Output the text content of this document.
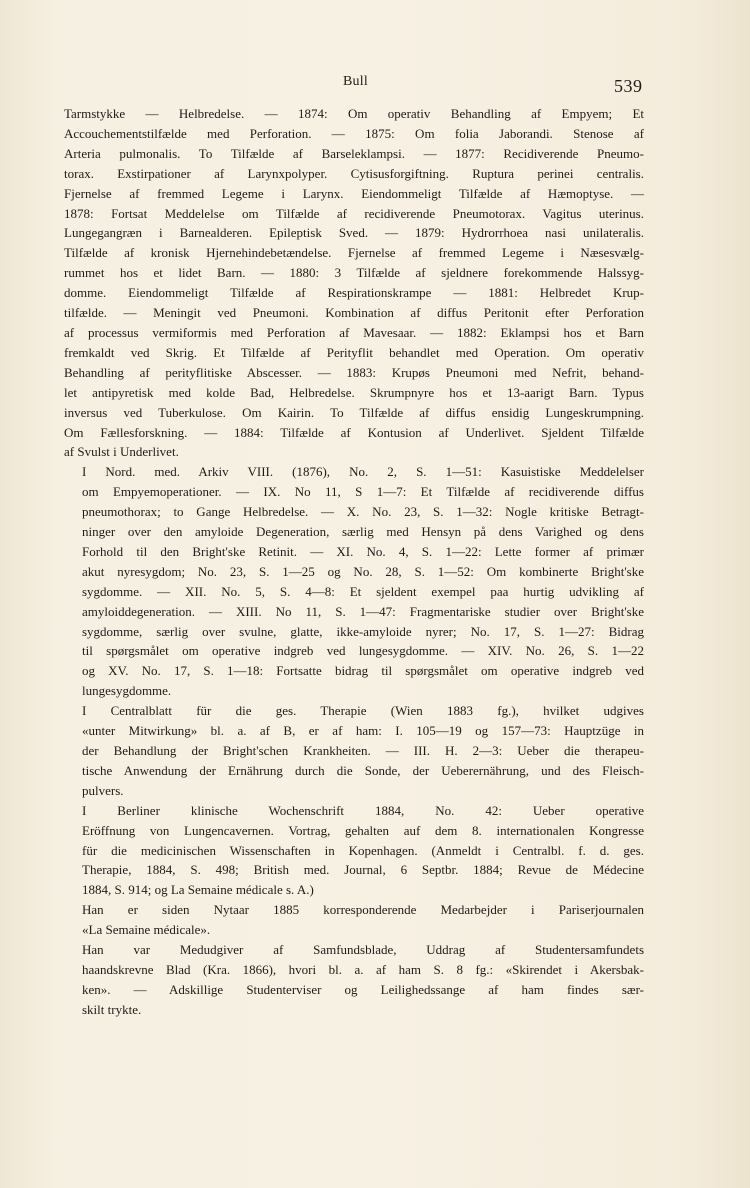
Bull	539

Tarmstykke — Helbredelse. — 1874: Om operativ Behandling af Empyem; Et
Accouchementstilfælde med Perforation. — 1875: Om folia Jaborandi. Stenose af
Arteria pulmonalis. To Tilfælde af Barseleklampsi. — 1877: Recidiverende Pneumo-
torax. Exstirpationer af Larynxpolyper. Cytisusforgiftning. Ruptura perinei centralis.
Fjernelse af fremmed Legeme i Larynx. Eiendommeligt Tilfælde af Hæmoptyse. —
1878: Fortsat Meddelelse om Tilfælde af recidiverende Pneumotorax. Vagitus uterinus.
Lungegangræn i Barnealderen. Epileptisk Sved. — 1879: Hydrorrhoea nasi unilateralis.
Tilfælde af kronisk Hjernehindebetændelse. Fjernelse af fremmed Legeme i Næsesvælg-
rummet hos et lidet Barn. — 1880: 3 Tilfælde af sjeldnere forekommende Halssyg-
domme. Eiendommeligt Tilfælde af Respirationskrampe — 1881: Helbredet Krup-
tilfælde. — Meningit ved Pneumoni. Kombination af diffus Peritonit efter Perforation
af processus vermiformis med Perforation af Mavesaar. — 1882: Eklampsi hos et Barn
fremkaldt ved Skrig. Et Tilfælde af Perityflit behandlet med Operation. Om operativ
Behandling af perityflitiske Abscesser. — 1883: Krupøs Pneumoni med Nefrit, behand-
let antipyretisk med kolde Bad, Helbredelse. Skrumpnyre hos et 13-aarigt Barn. Typus
inversus ved Tuberkulose. Om Kairin. To Tilfælde af diffus ensidig Lungeskrumpning.
Om Fællesforskning. — 1884: Tilfælde af Kontusion af Underlivet. Sjeldent Tilfælde
af Svulst i Underlivet.

I Nord. med. Arkiv VIII. (1876), No. 2, S. 1—51: Kasuistiske Meddelelser
om Empyemoperationer. — IX. No 11, S 1—7: Et Tilfælde af recidiverende diffus
pneumothorax; to Gange Helbredelse. — X. No. 23, S. 1—32: Nogle kritiske Betragt-
ninger over den amyloide Degeneration, særlig med Hensyn på dens Varighed og dens
Forhold til den Bright'ske Retinit. — XI. No. 4, S. 1—22: Lette former af primær
akut nyresygdom; No. 23, S. 1—25 og No. 28, S. 1—52: Om kombinerte Bright'ske
sygdomme. — XII. No. 5, S. 4—8: Et sjeldent exempel paa hurtig udvikling af
amyloiddegeneration. — XIII. No 11, S. 1—47: Fragmentariske studier over Bright'ske
sygdomme, særlig over svulne, glatte, ikke-amyloide nyrer; No. 17, S. 1—27: Bidrag
til spørgsmålet om operative indgreb ved lungesygdomme. — XIV. No. 26, S. 1—22
og XV. No. 17, S. 1—18: Fortsatte bidrag til spørgsmålet om operative indgreb ved
lungesygdomme.

I Centralblatt für die ges. Therapie (Wien 1883 fg.), hvilket udgives
«unter Mitwirkung» bl. a. af B, er af ham: I. 105—19 og 157—73: Hauptzüge in
der Behandlung der Bright'schen Krankheiten. — III. H. 2—3: Ueber die therapeu-
tische Anwendung der Ernährung durch die Sonde, der Ueberernährung, und des Fleisch-
pulvers.

I Berliner klinische Wochenschrift 1884, No. 42: Ueber operative
Eröffnung von Lungencavernen. Vortrag, gehalten auf dem 8. internationalen Kongresse
für die medicinischen Wissenschaften in Kopenhagen. (Anmeldt i Centralbl. f. d. ges.
Therapie, 1884, S. 498; British med. Journal, 6 Septbr. 1884; Revue de Médecine
1884, S. 914; og La Semaine médicale s. A.)

Han er siden Nytaar 1885 korresponderende Medarbejder i Pariserjournalen
«La Semaine médicale».

Han var Medudgiver af Samfundsblade, Uddrag af Studentersamfundets
haandskrevne Blad (Kra. 1866), hvori bl. a. af ham S. 8 fg.: «Skirendet i Akersbak-
ken». — Adskillige Studenterviser og Leilighedssange af ham findes sær-
skilt trykte.
